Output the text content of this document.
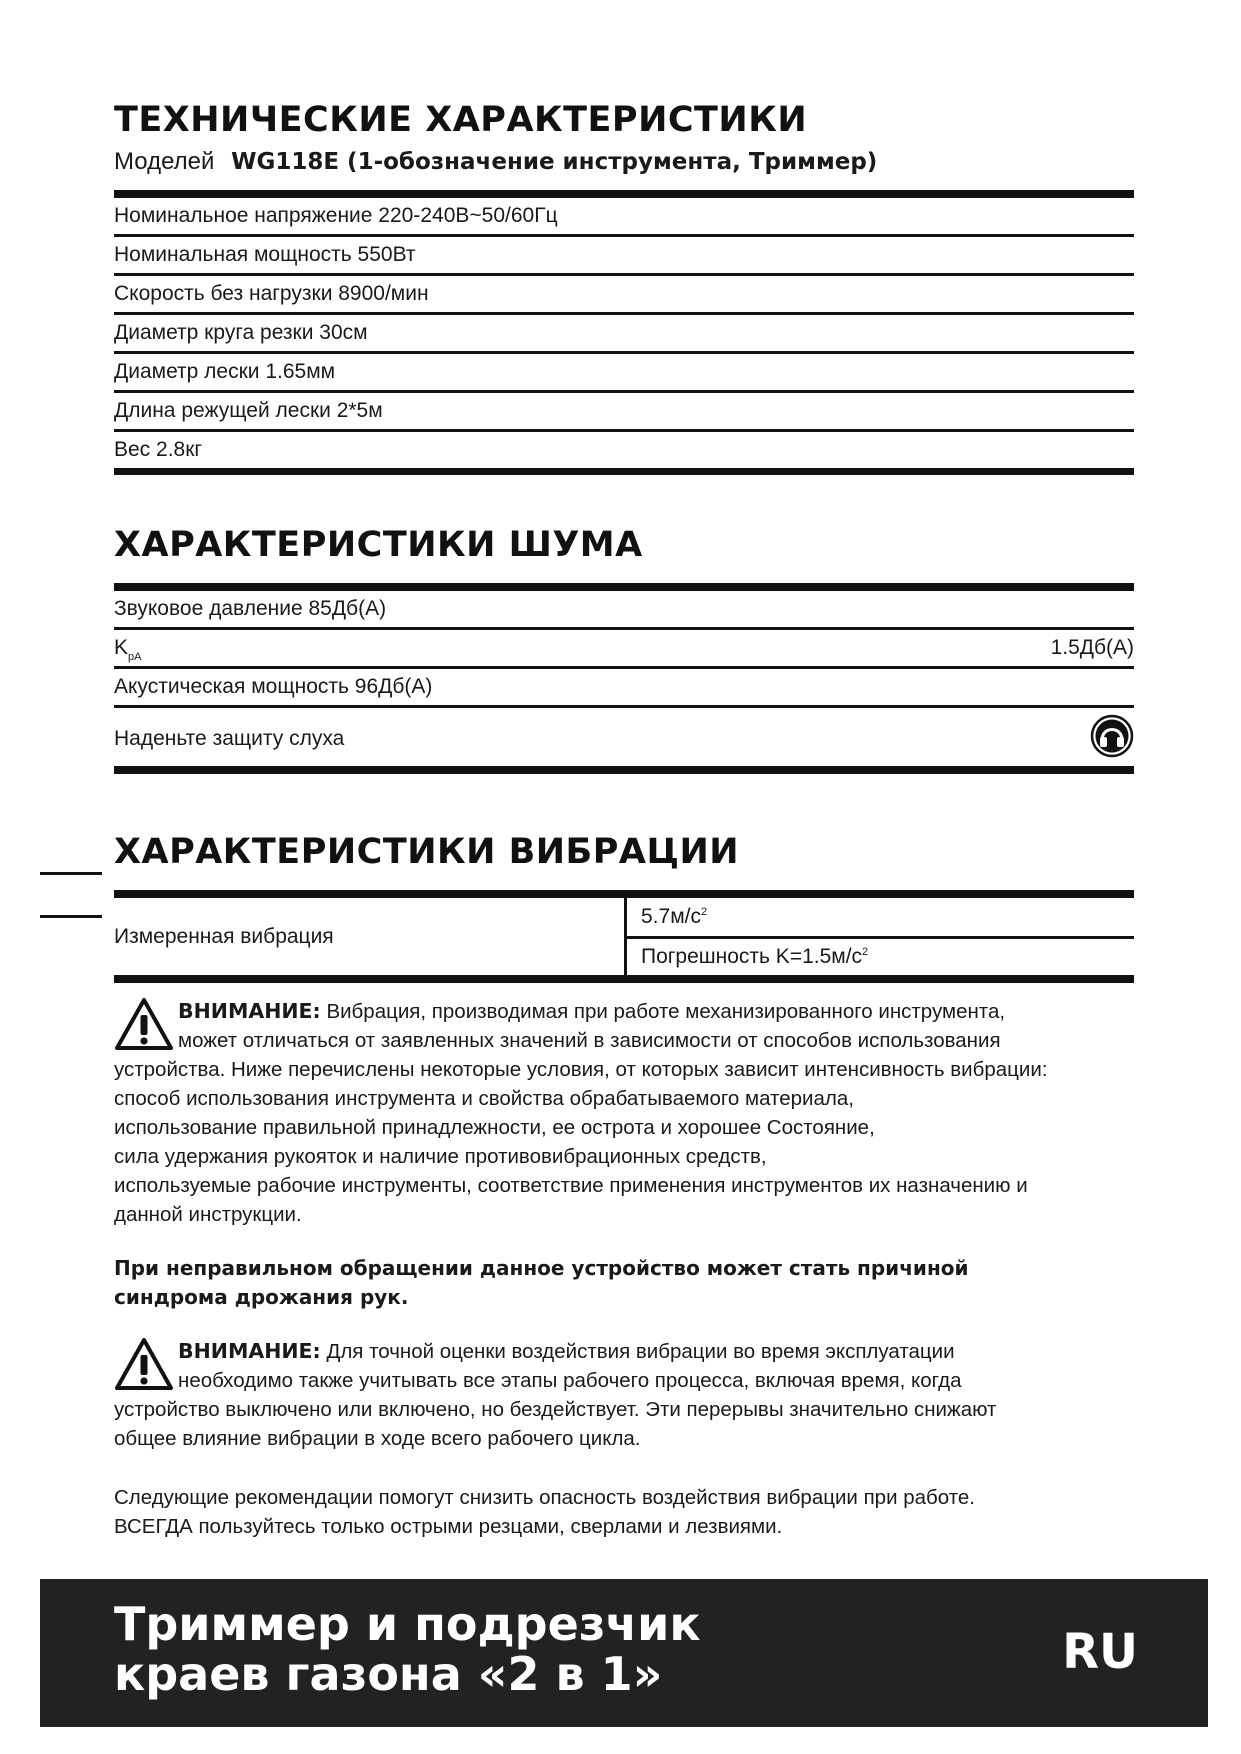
ТЕХНИЧЕСКИЕ ХАРАКТЕРИСТИКИ
Моделей WG118E (1-обозначение инструмента, Триммер)
Номинальное напряжение 220-240В~50/60Гц
Номинальная мощность 550Вт
Скорость без нагрузки 8900/мин
Диаметр круга резки 30см
Диаметр лески 1.65мм
Длина режущей лески 2*5м
Вес 2.8кг
ХАРАКТЕРИСТИКИ ШУМА
Звуковое давление 85Дб(А)
$K_{pA}$	1.5Дб(А)
Акустическая мощность 96Дб(А)
Наденьте защиту слуха
ХАРАКТЕРИСТИКИ ВИБРАЦИИ
Измеренная вибрация	$5.7м/с^2$
Погрешность $K=1.5м/с^2$
ВНИМАНИЕ: Вибрация, производимая при работе механизированного инструмента,
может отличаться от заявленных значений в зависимости от способов использования
устройства. Ниже перечислены некоторые условия, от которых зависит интенсивность вибрации:
способ использования инструмента и свойства обрабатываемого материала,
использование правильной принадлежности, ее острота и хорошее Состояние,
сила удержания рукояток и наличие противовибрационных средств,
используемые рабочие инструменты, соответствие применения инструментов их назначению и
данной инструкции.
При неправильном обращении данное устройство может стать причиной
синдрома дрожания рук.
ВНИМАНИЕ: Для точной оценки воздействия вибрации во время эксплуатации
необходимо также учитывать все этапы рабочего процесса, включая время, когда
устройство выключено или включено, но бездействует. Эти перерывы значительно снижают
общее влияние вибрации в ходе всего рабочего цикла.
Следующие рекомендации помогут снизить опасность воздействия вибрации при работе.
ВСЕГДА пользуйтесь только острыми резцами, сверлами и лезвиями.
Триммер и подрезчик
краев газона «2 в 1»	RU
